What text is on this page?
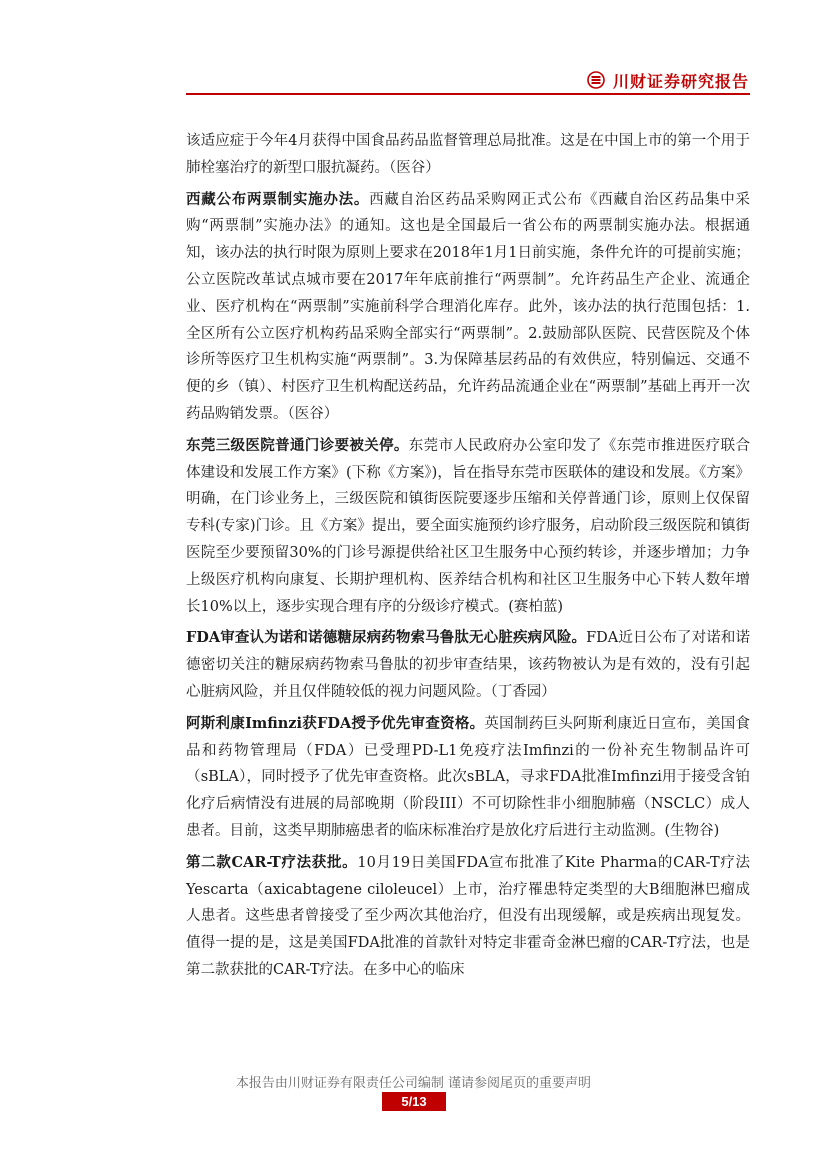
川财证券研究报告

该适应症于今年4月获得中国食品药品监督管理总局批准。这是在中国上市的第一个用于肺栓塞治疗的新型口服抗凝药。（医谷）

西藏公布两票制实施办法。西藏自治区药品采购网正式公布《西藏自治区药品集中采购“两票制”实施办法》的通知。这也是全国最后一省公布的两票制实施办法。根据通知，该办法的执行时限为原则上要求在2018年1月1日前实施，条件允许的可提前实施；公立医院改革试点城市要在2017年年底前推行“两票制”。允许药品生产企业、流通企业、医疗机构在“两票制”实施前科学合理消化库存。此外，该办法的执行范围包括：1.全区所有公立医疗机构药品采购全部实行“两票制”。2.鼓励部队医院、民营医院及个体诊所等医疗卫生机构实施“两票制”。3.为保障基层药品的有效供应，特别偏远、交通不便的乡（镇）、村医疗卫生机构配送药品，允许药品流通企业在“两票制”基础上再开一次药品购销发票。（医谷）

东莞三级医院普通门诊要被关停。东莞市人民政府办公室印发了《东莞市推进医疗联合体建设和发展工作方案》(下称《方案》)，旨在指导东莞市医联体的建设和发展。《方案》明确，在门诊业务上，三级医院和镇街医院要逐步压缩和关停普通门诊，原则上仅保留专科(专家)门诊。且《方案》提出，要全面实施预约诊疗服务，启动阶段三级医院和镇街医院至少要预留30%的门诊号源提供给社区卫生服务中心预约转诊，并逐步增加；力争上级医疗机构向康复、长期护理机构、医养结合机构和社区卫生服务中心下转人数年增长10%以上，逐步实现合理有序的分级诊疗模式。(赛柏蓝)

FDA审查认为诺和诺德糖尿病药物索马鲁肽无心脏疾病风险。FDA近日公布了对诺和诺德密切关注的糖尿病药物索马鲁肽的初步审查结果，该药物被认为是有效的，没有引起心脏病风险，并且仅伴随较低的视力问题风险。（丁香园）

阿斯利康Imfinzi获FDA授予优先审查资格。英国制药巨头阿斯利康近日宣布，美国食品和药物管理局（FDA）已受理PD-L1免疫疗法Imfinzi的一份补充生物制品许可（sBLA），同时授予了优先审查资格。此次sBLA，寻求FDA批准Imfinzi用于接受含铂化疗后病情没有进展的局部晚期（阶段III）不可切除性非小细胞肺癌（NSCLC）成人患者。目前，这类早期肺癌患者的临床标准治疗是放化疗后进行主动监测。(生物谷)

第二款CAR-T疗法获批。10月19日美国FDA宣布批准了Kite Pharma的CAR-T疗法Yescarta（axicabtagene ciloleucel）上市，治疗罹患特定类型的大B细胞淋巴瘤成人患者。这些患者曾接受了至少两次其他治疗，但没有出现缓解，或是疾病出现复发。值得一提的是，这是美国FDA批准的首款针对特定非霍奇金淋巴瘤的CAR-T疗法，也是第二款获批的CAR-T疗法。在多中心的临床

本报告由川财证券有限责任公司编制 谨请参阅尾页的重要声明
5/13
